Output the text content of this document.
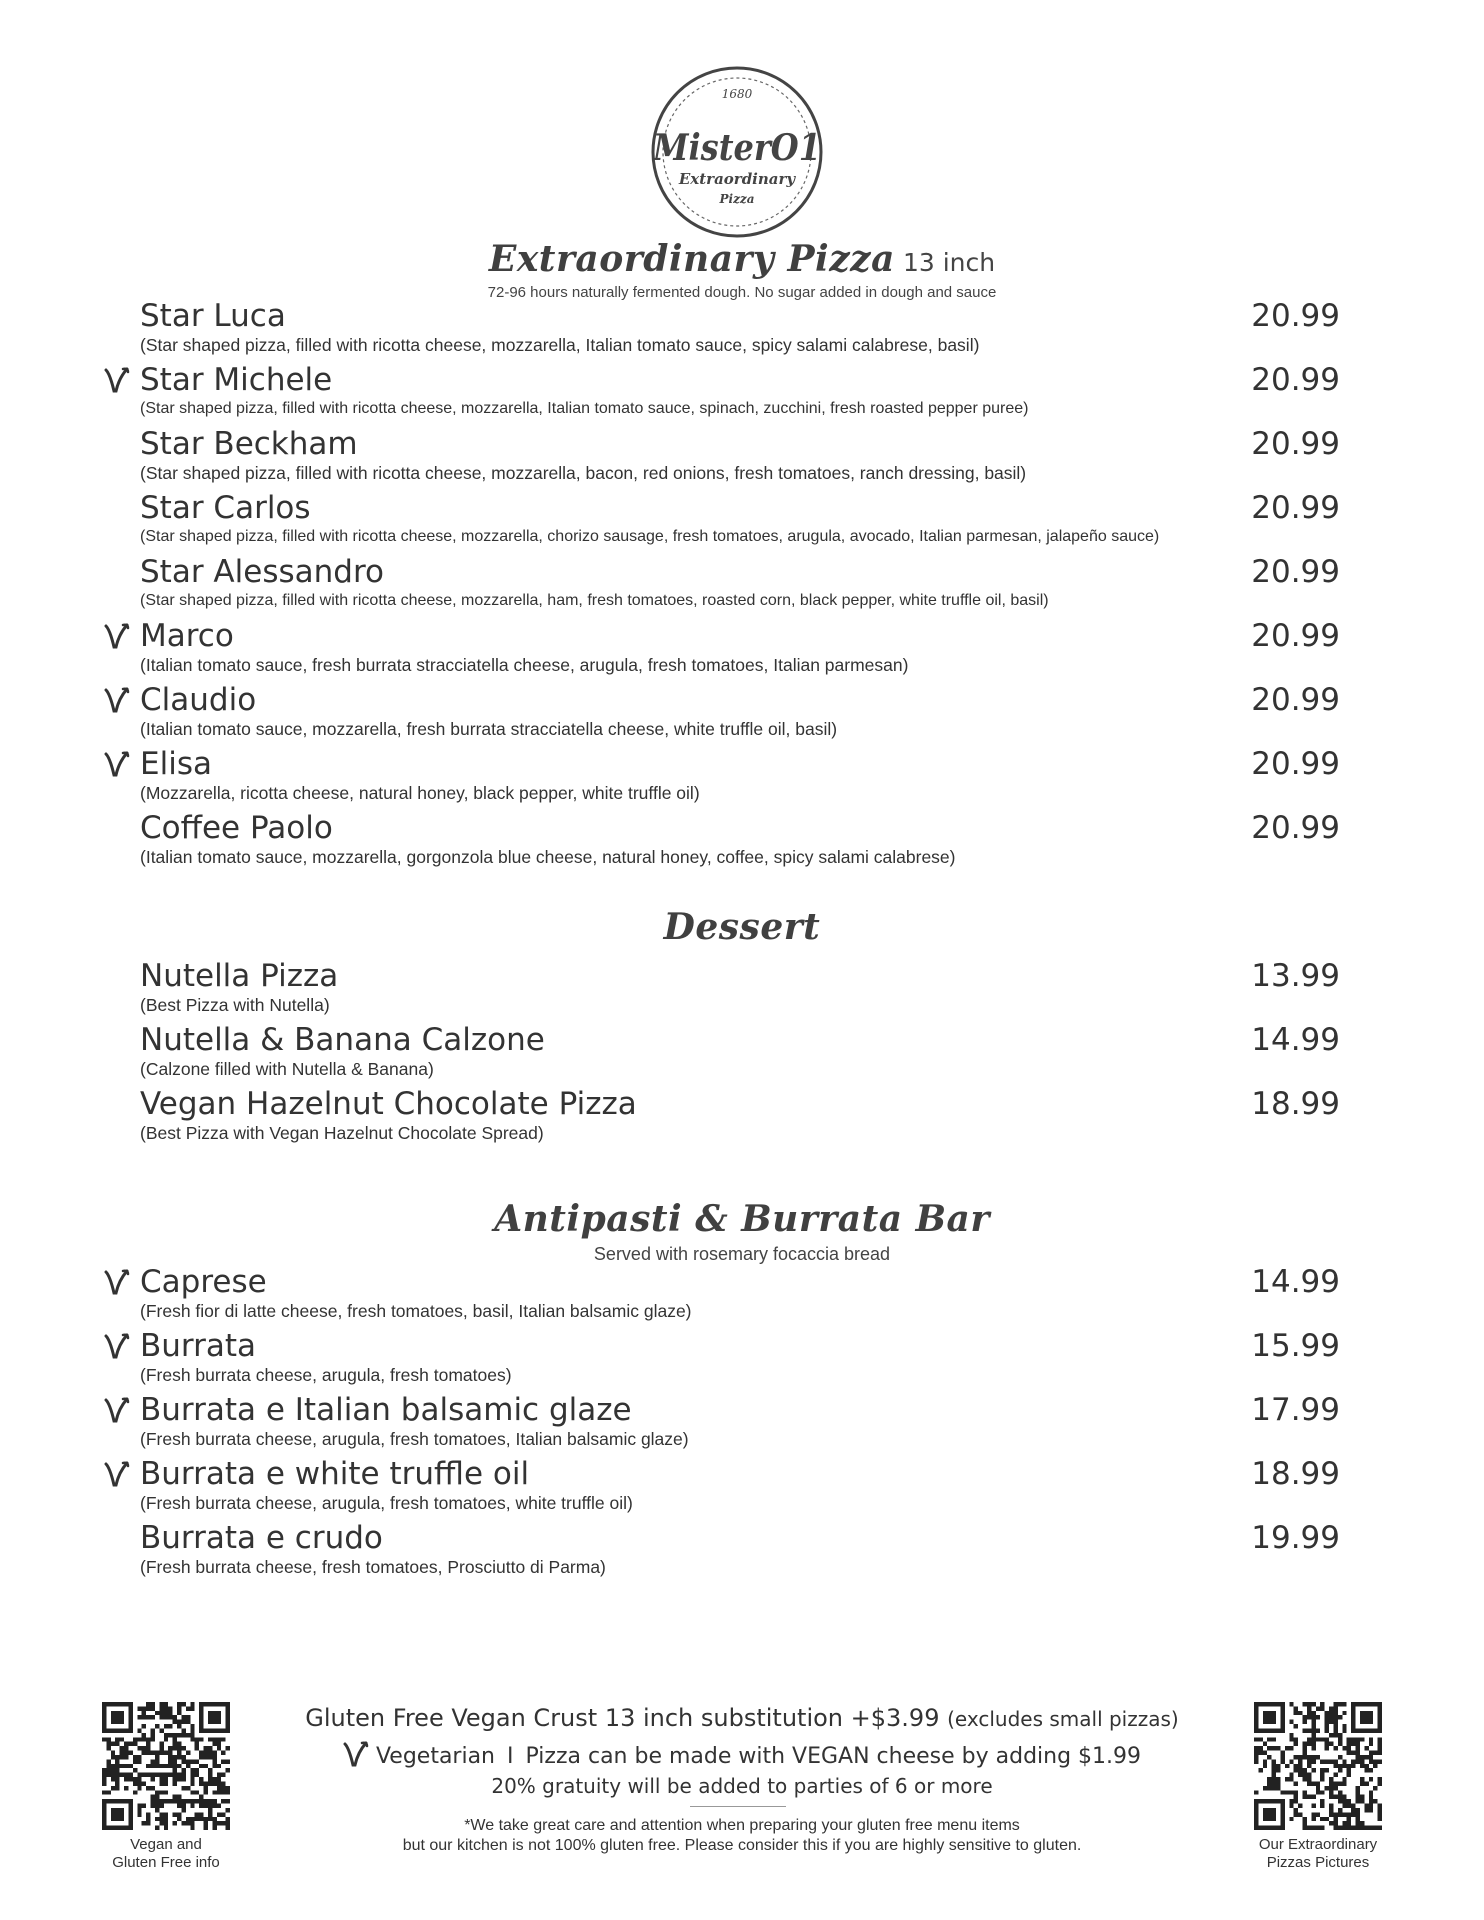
1680
MisterO1
Extraordinary
Pizza
Extraordinary Pizza 13 inch
72-96 hours naturally fermented dough. No sugar added in dough and sauce
Star Luca
(Star shaped pizza, filled with ricotta cheese, mozzarella, Italian tomato sauce, spicy salami calabrese, basil)
20.99
Star Michele
(Star shaped pizza, filled with ricotta cheese, mozzarella, Italian tomato sauce, spinach, zucchini, fresh roasted pepper puree)
20.99
Star Beckham
(Star shaped pizza, filled with ricotta cheese, mozzarella, bacon, red onions, fresh tomatoes, ranch dressing, basil)
20.99
Star Carlos
(Star shaped pizza, filled with ricotta cheese, mozzarella, chorizo sausage, fresh tomatoes, arugula, avocado, Italian parmesan, jalapeño sauce)
20.99
Star Alessandro
(Star shaped pizza, filled with ricotta cheese, mozzarella, ham, fresh tomatoes, roasted corn, black pepper, white truffle oil, basil)
20.99
Marco
(Italian tomato sauce, fresh burrata stracciatella cheese, arugula, fresh tomatoes, Italian parmesan)
20.99
Claudio
(Italian tomato sauce, mozzarella, fresh burrata stracciatella cheese, white truffle oil, basil)
20.99
Elisa
(Mozzarella, ricotta cheese, natural honey, black pepper, white truffle oil)
20.99
Coffee Paolo
(Italian tomato sauce, mozzarella, gorgonzola blue cheese, natural honey, coffee, spicy salami calabrese)
20.99
Dessert
Nutella Pizza
(Best Pizza with Nutella)
13.99
Nutella & Banana Calzone
(Calzone filled with Nutella & Banana)
14.99
Vegan Hazelnut Chocolate Pizza
(Best Pizza with Vegan Hazelnut Chocolate Spread)
18.99
Antipasti & Burrata Bar
Served with rosemary focaccia bread
Caprese
(Fresh fior di latte cheese, fresh tomatoes, basil, Italian balsamic glaze)
14.99
Burrata
(Fresh burrata cheese, arugula, fresh tomatoes)
15.99
Burrata e Italian balsamic glaze
(Fresh burrata cheese, arugula, fresh tomatoes, Italian balsamic glaze)
17.99
Burrata e white truffle oil
(Fresh burrata cheese, arugula, fresh tomatoes, white truffle oil)
18.99
Burrata e crudo
(Fresh burrata cheese, fresh tomatoes, Prosciutto di Parma)
19.99
Vegan and
Gluten Free info
Our Extraordinary
Pizzas Pictures
Gluten Free Vegan Crust 13 inch substitution +$3.99 (excludes small pizzas)
Vegetarian I Pizza can be made with VEGAN cheese by adding $1.99
20% gratuity will be added to parties of 6 or more
*We take great care and attention when preparing your gluten free menu items
but our kitchen is not 100% gluten free. Please consider this if you are highly sensitive to gluten.
